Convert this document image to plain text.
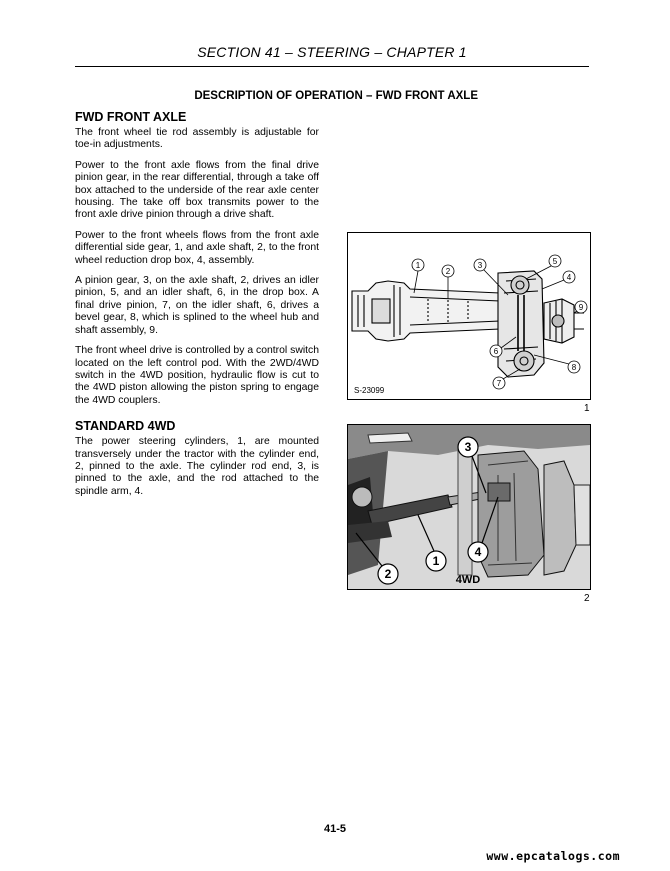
SECTION 41 – STEERING – CHAPTER 1
DESCRIPTION OF OPERATION – FWD FRONT AXLE
FWD FRONT AXLE

The front wheel tie rod assembly is adjustable for toe-in adjustments.

Power to the front axle flows from the final drive pinion gear, in the rear differential, through a take off box attached to the underside of the rear axle center housing. The take off box transmits power to the front axle drive pinion through a drive shaft.

Power to the front wheels flows from the front axle differential side gear, 1, and axle shaft, 2, to the front wheel reduction drop box, 4, assembly.

A pinion gear, 3, on the axle shaft, 2, drives an idler pinion, 5, and an idler shaft, 6, in the drop box. A final drive pinion, 7, on the idler shaft, 6, drives a bevel gear, 8, which is splined to the wheel hub and shaft assembly, 9.

The front wheel drive is controlled by a control switch located on the left control pod. With the 2WD/4WD switch in the 4WD position, hydraulic flow is cut to the 4WD piston allowing the piston spring to engage the 4WD couplers.

STANDARD 4WD

The power steering cylinders, 1, are mounted transversely under the tractor with the cylinder end, 2, pinned to the axle. The cylinder rod end, 3, is pinned to the axle, and the rod attached to the spindle arm, 4.

1
2
3	5
4
9
6
7
8
S-23099
1
3
4
1
2	4WD
2
41-5
www.epcatalogs.com
